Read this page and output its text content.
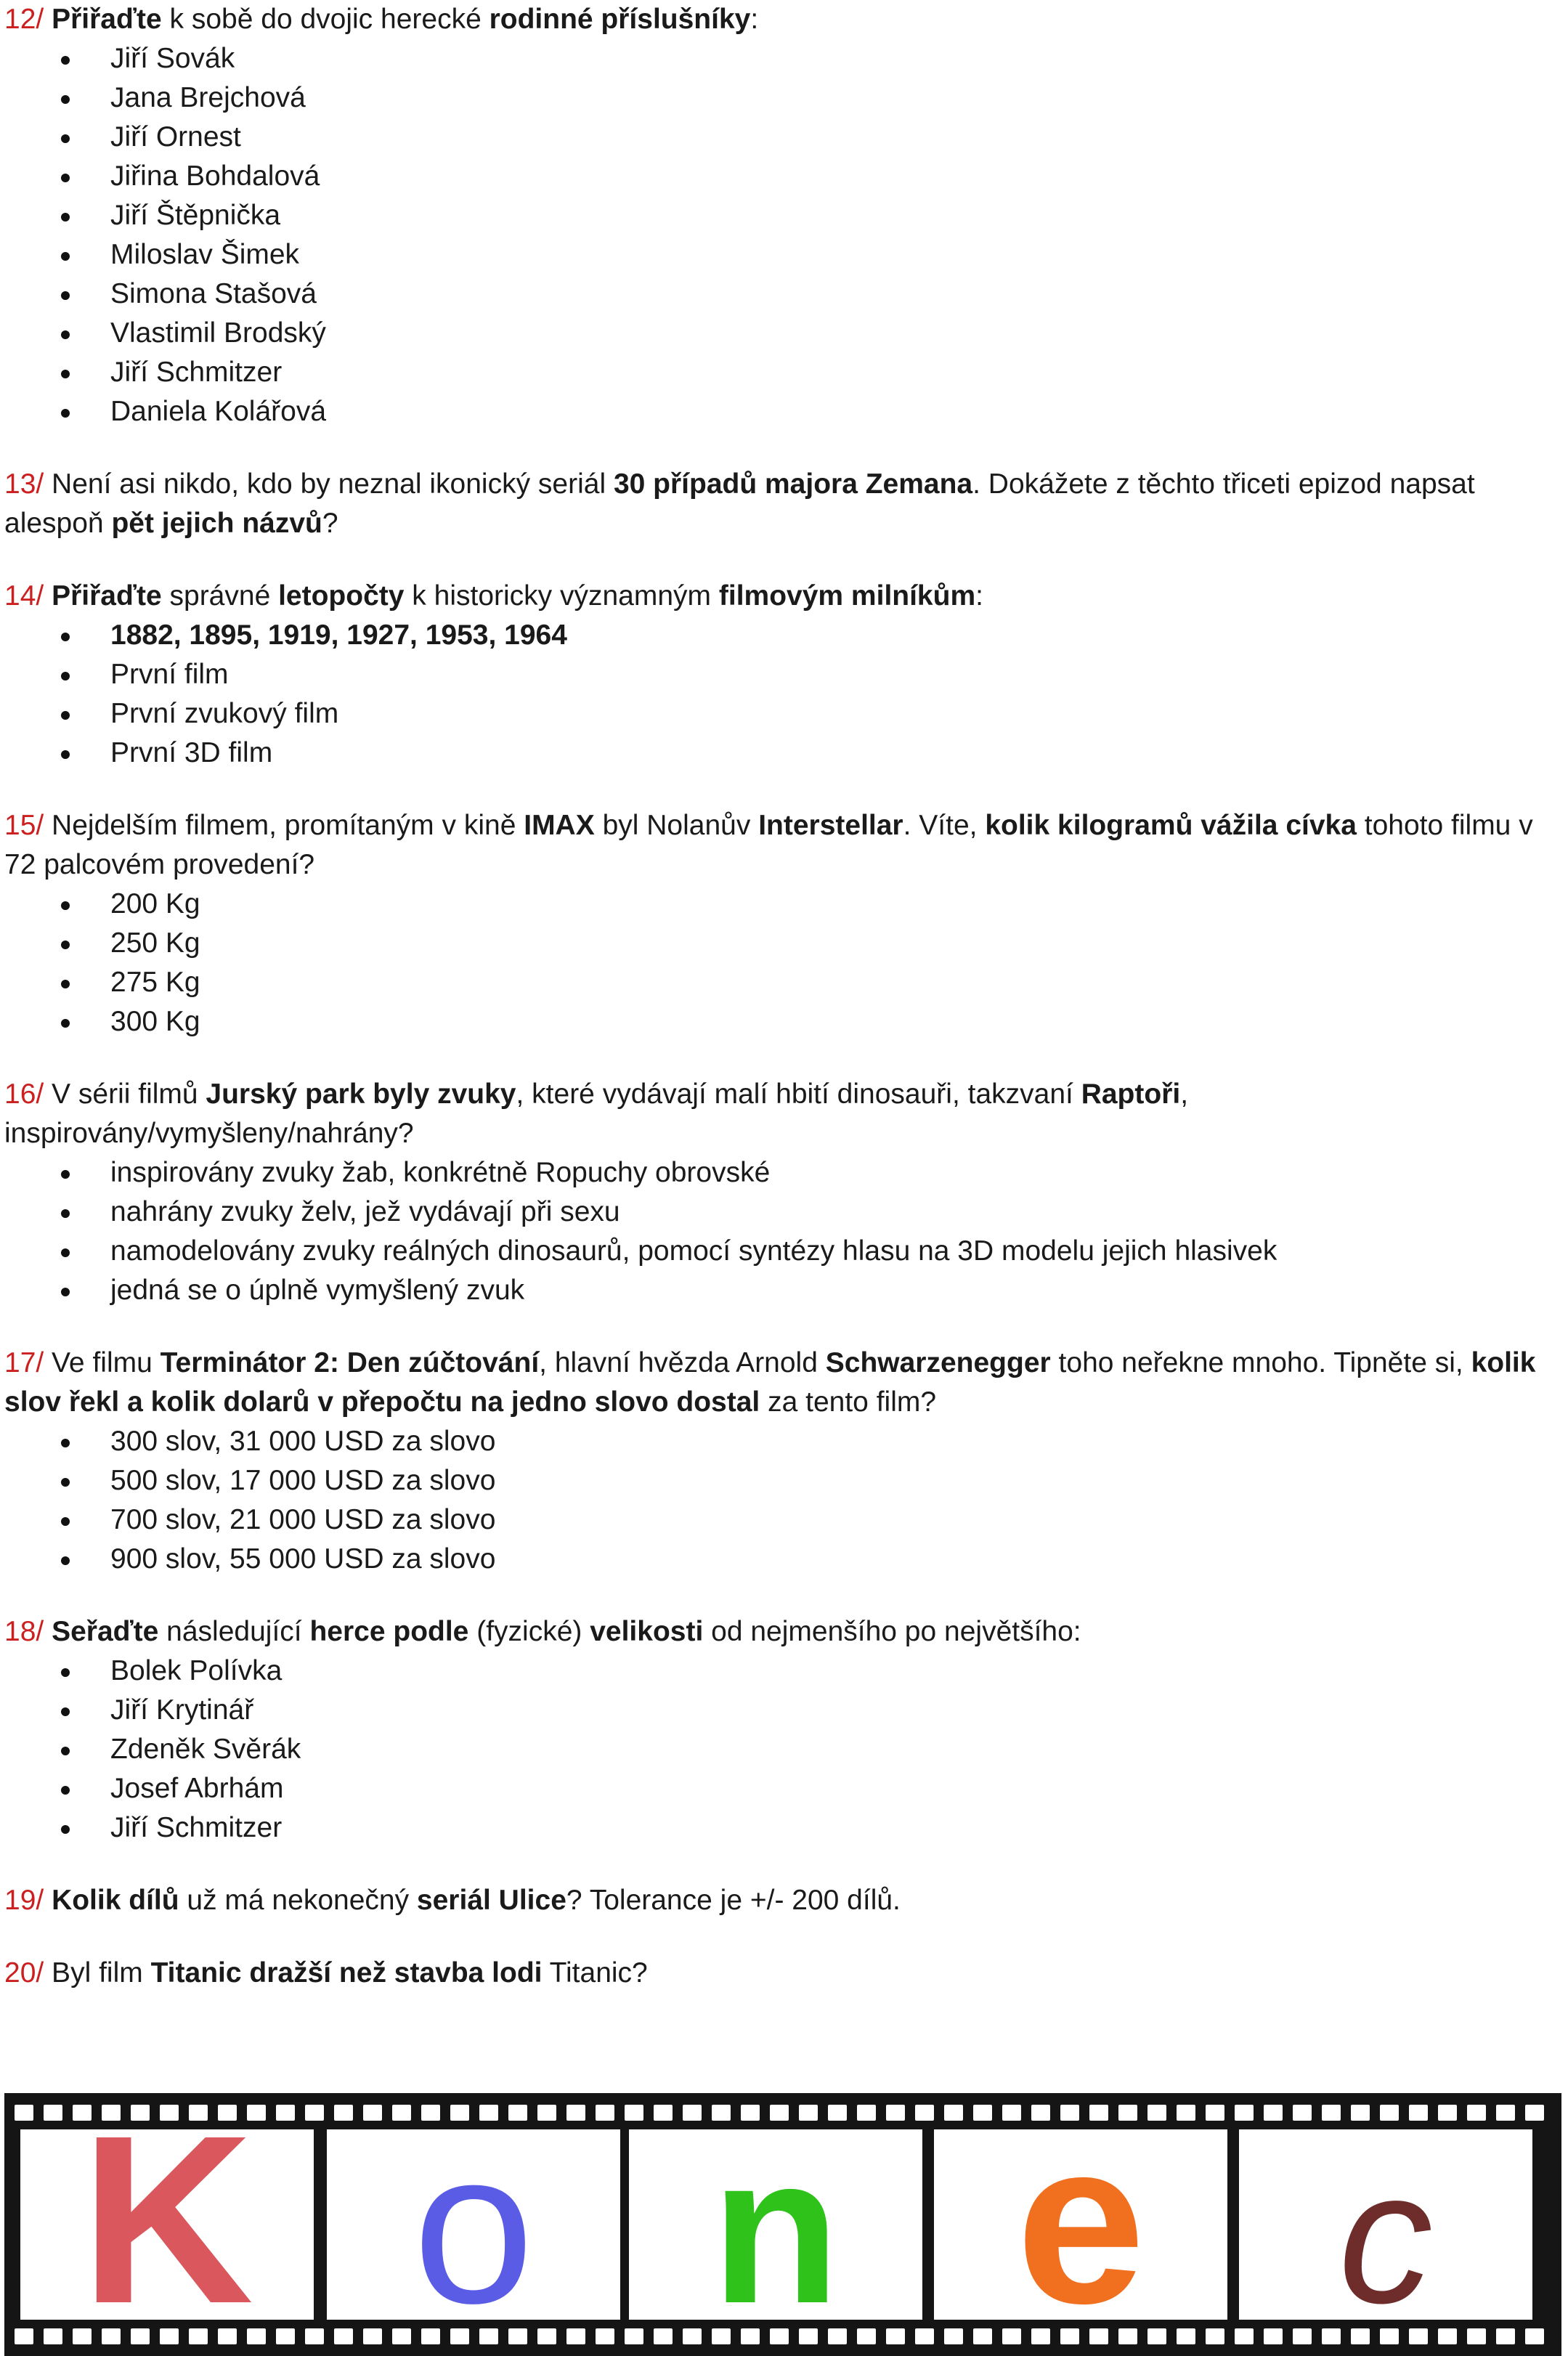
12/ Přiřaďte k sobě do dvojic herecké rodinné příslušníky:

Jiří Sovák
Jana Brejchová
Jiří Ornest
Jiřina Bohdalová
Jiří Štěpnička
Miloslav Šimek
Simona Stašová
Vlastimil Brodský
Jiří Schmitzer
Daniela Kolářová

13/ Není asi nikdo, kdo by neznal ikonický seriál 30 případů majora Zemana. Dokážete z těchto třiceti epizod napsat alespoň pět jejich názvů?

14/ Přiřaďte správné letopočty k historicky významným filmovým milníkům:

1882, 1895, 1919, 1927, 1953, 1964
První film
První zvukový film
První 3D film

15/ Nejdelším filmem, promítaným v kině IMAX byl Nolanův Interstellar. Víte, kolik kilogramů vážila cívka tohoto filmu v 72 palcovém provedení?

200 Kg
250 Kg
275 Kg
300 Kg

16/ V sérii filmů Jurský park byly zvuky, které vydávají malí hbití dinosauři, takzvaní Raptoři, inspirovány/vymyšleny/nahrány?

inspirovány zvuky žab, konkrétně Ropuchy obrovské
nahrány zvuky želv, jež vydávají při sexu
namodelovány zvuky reálných dinosaurů, pomocí syntézy hlasu na 3D modelu jejich hlasivek
jedná se o úplně vymyšlený zvuk

17/ Ve filmu Terminátor 2: Den zúčtování, hlavní hvězda Arnold Schwarzenegger toho neřekne mnoho. Tipněte si, kolik slov řekl a kolik dolarů v přepočtu na jedno slovo dostal za tento film?

300 slov, 31 000 USD za slovo
500 slov, 17 000 USD za slovo
700 slov, 21 000 USD za slovo
900 slov, 55 000 USD za slovo

18/ Seřaďte následující herce podle (fyzické) velikosti od nejmenšího po největšího:

Bolek Polívka
Jiří Krytinář
Zdeněk Svěrák
Josef Abrhám
Jiří Schmitzer

19/ Kolik dílů už má nekonečný seriál Ulice? Tolerance je +/- 200 dílů.

20/ Byl film Titanic dražší než stavba lodi Titanic?

K o n e c
